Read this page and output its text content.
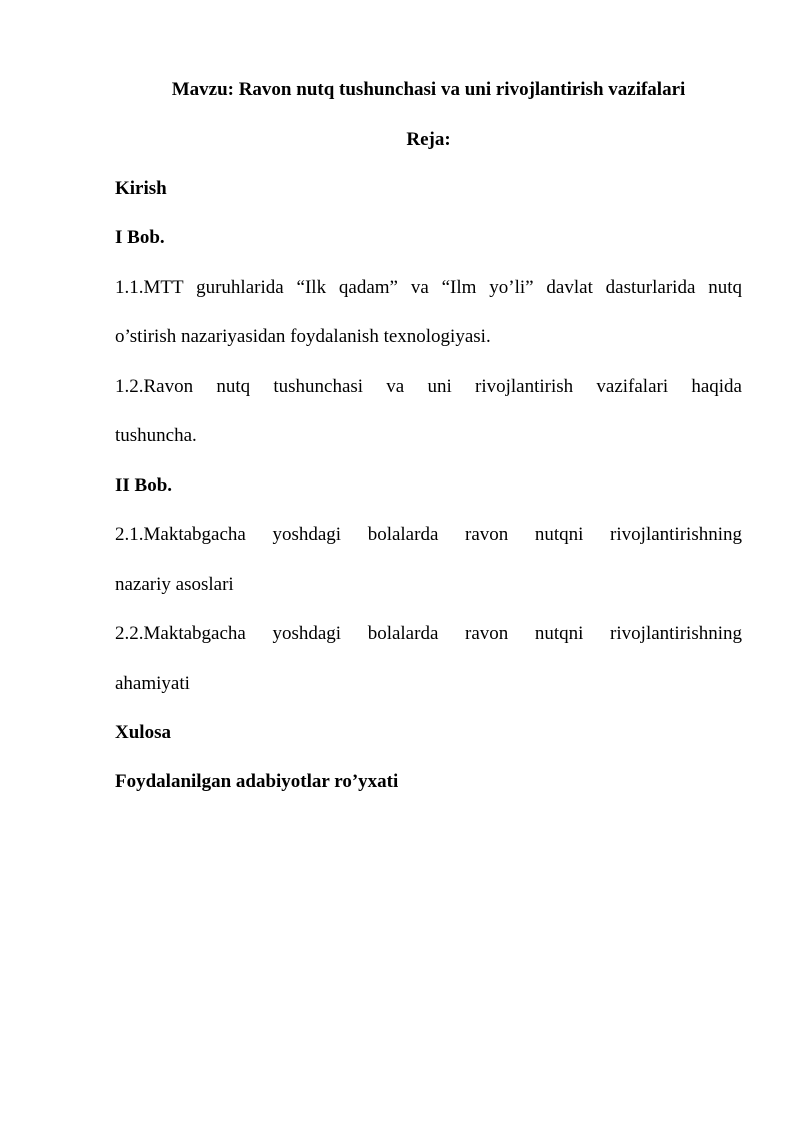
Mavzu: Ravon nutq tushunchasi va uni rivojlantirish vazifalari
Reja:
Kirish
I Bob.
1.1.MTT guruhlarida “Ilk qadam” va “Ilm yo’li” davlat dasturlarida nutq
o’stirish nazariyasidan foydalanish texnologiyasi.
1.2.Ravon nutq tushunchasi va uni rivojlantirish vazifalari haqida
tushuncha.
II Bob.
2.1.Maktabgacha yoshdagi bolalarda ravon nutqni rivojlantirishning
nazariy asoslari
2.2.Maktabgacha yoshdagi bolalarda ravon nutqni rivojlantirishning
ahamiyati
Xulosa
Foydalanilgan adabiyotlar ro’yxati
